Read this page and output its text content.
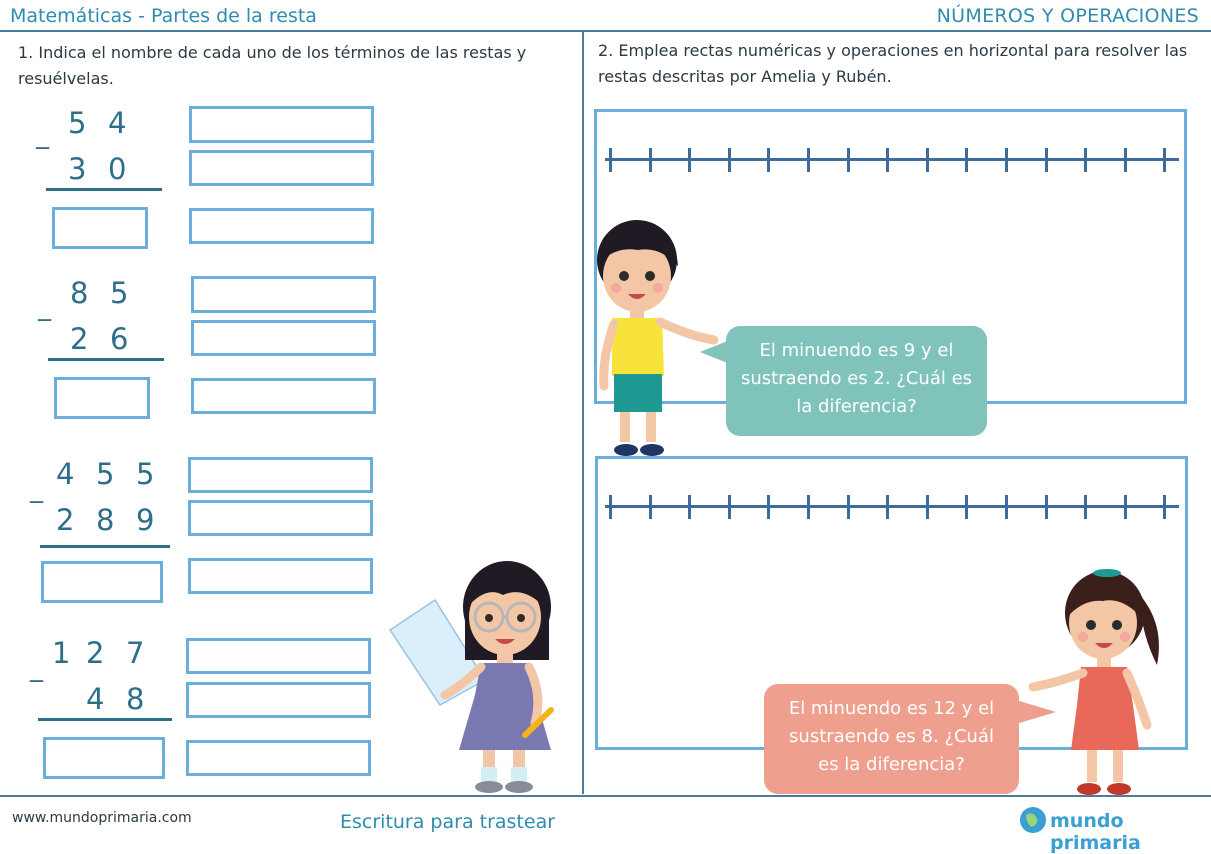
Matemáticas - Partes de la resta	NÚMEROS Y OPERACIONES
1. Indica el nombre de cada uno de los términos de las restas y resuélvelas.
_ 5 4
3 0
_ 8 5
2 6
_ 4 5 5
2 8 9
_ 1 2 7
4 8
2. Emplea rectas numéricas y operaciones en horizontal para resolver las restas descritas por Amelia y Rubén.
El minuendo es 9 y el sustraendo es 2. ¿Cuál es la diferencia?
El minuendo es 12 y el sustraendo es 8. ¿Cuál es la diferencia?
www.mundoprimaria.com	Escritura para trastear	mundo primaria
